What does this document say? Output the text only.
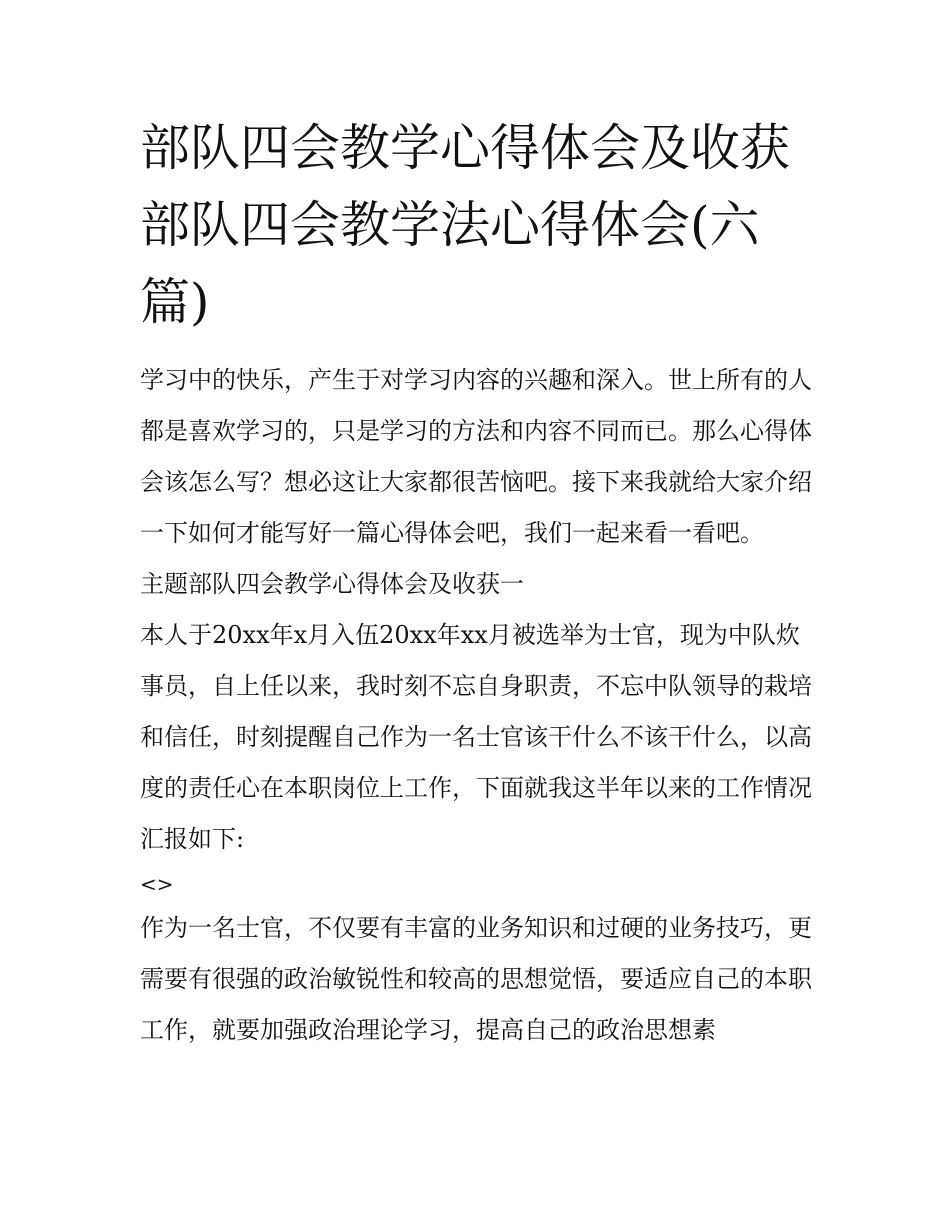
部队四会教学心得体会及收获部队四会教学法心得体会(六篇)

学习中的快乐，产生于对学习内容的兴趣和深入。世上所有的人都是喜欢学习的，只是学习的方法和内容不同而已。那么心得体会该怎么写？想必这让大家都很苦恼吧。接下来我就给大家介绍一下如何才能写好一篇心得体会吧，我们一起来看一看吧。

主题部队四会教学心得体会及收获一

本人于20xx年x月入伍20xx年xx月被选举为士官，现为中队炊事员，自上任以来，我时刻不忘自身职责，不忘中队领导的栽培和信任，时刻提醒自己作为一名士官该干什么不该干什么，以高度的责任心在本职岗位上工作，下面就我这半年以来的工作情况汇报如下:

<>

作为一名士官，不仅要有丰富的业务知识和过硬的业务技巧，更需要有很强的政治敏锐性和较高的思想觉悟，要适应自己的本职工作，就要加强政治理论学习，提高自己的政治思想素
